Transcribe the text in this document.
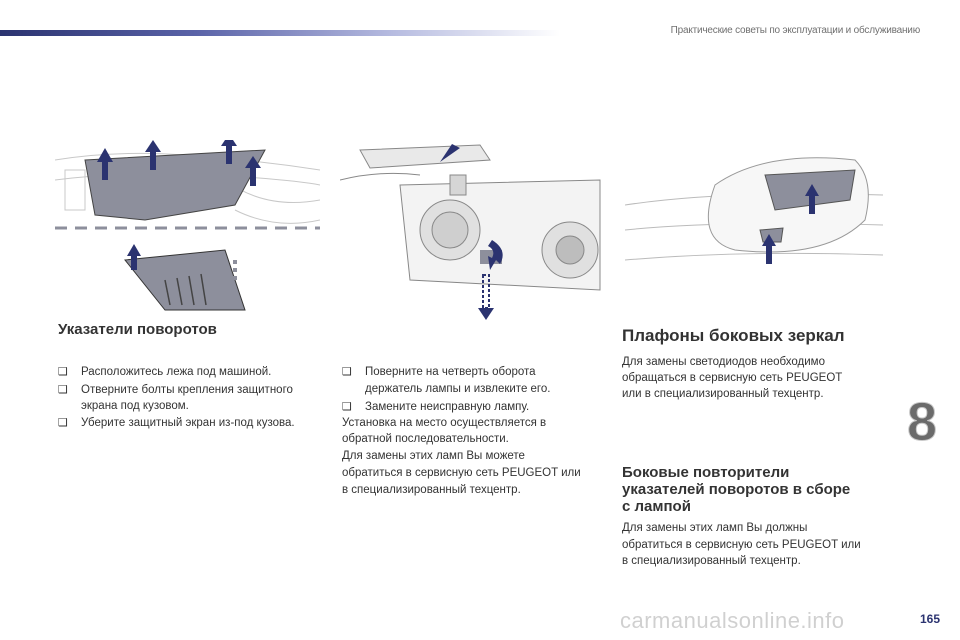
Практические советы по эксплуатации и обслуживанию
Указатели поворотов
❑ Расположитесь лежа под машиной.
❑ Отверните болты крепления защитного
экрана под кузовом.
❑ Уберите защитный экран из-под кузова.
❑ Поверните на четверть оборота
держатель лампы и извлеките его.
❑ Замените неисправную лампу.
Установка на место осуществляется в
обратной последовательности.
Для замены этих ламп Вы можете
обратиться в сервисную сеть PEUGEOT или
в специализированный техцентр.
Плафоны боковых зеркал
Для замены светодиодов необходимо
обращаться в сервисную сеть PEUGEOT
или в специализированный техцентр.
Боковые повторители
указателей поворотов в сборе
с лампой
Для замены этих ламп Вы должны
обратиться в сервисную сеть PEUGEOT или
в специализированный техцентр.
8
carmanualsonline.info	165
